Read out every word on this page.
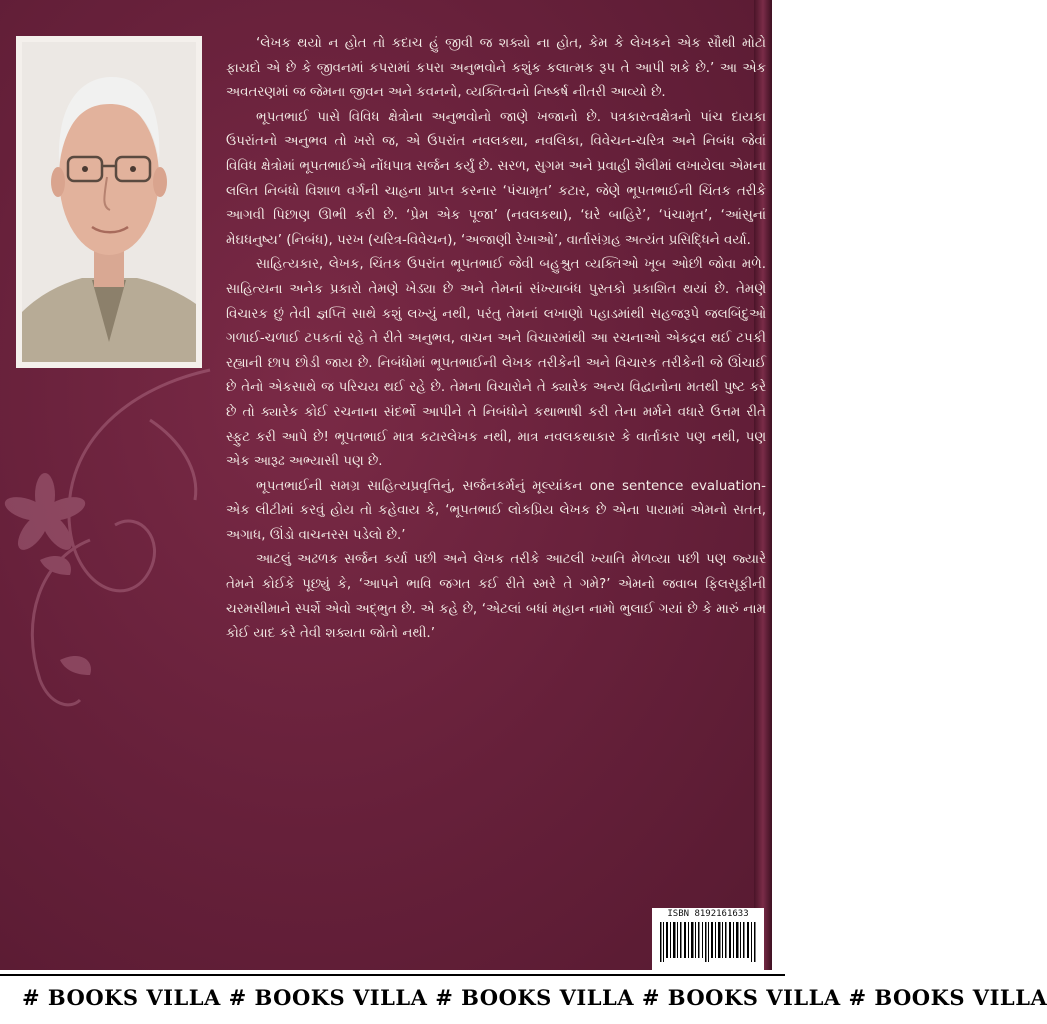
‘લેખક થયો ન હોત તો કદાચ હું જીવી જ શક્યો ના હોત, કેમ કે લેખકને એક સૌથી મોટો ફાયદો એ છે કે જીવનમાં કપરામાં કપરા અનુભવોને કશુંક કલાત્મક રૂપ તે આપી શકે છે.’ આ એક અવતરણમાં જ જેમના જીવન અને કવનનો, વ્યક્તિત્વનો નિષ્કર્ષ નીતરી આવ્યો છે.

ભૂપતભાઈ પાસે વિવિધ ક્ષેત્રોના અનુભવોનો જાણે ખજાનો છે. પત્રકારત્વક્ષેત્રનો પાંચ દાયકા ઉપરાંતનો અનુભવ તો ખરો જ, એ ઉપરાંત નવલકથા, નવલિકા, વિવેચન-ચરિત્ર અને નિબંધ જેવાં વિવિધ ક્ષેત્રોમાં ભૂપતભાઈએ નોંધપાત્ર સર્જન કર્યું છે. સરળ, સુગમ અને પ્રવાહી શૈલીમાં લખાયેલા એમના લલિત નિબંધો વિશાળ વર્ગની ચાહના પ્રાપ્ત કરનાર ‘પંચામૃત’ કટાર, જેણે ભૂપતભાઈની ચિંતક તરીકે આગવી પિછાણ ઊભી કરી છે. ‘પ્રેમ એક પૂજા’ (નવલકથા), ‘ઘરે બાહિરે’, ‘પંચામૃત’, ‘આંસુનાં મેઘધનુષ્ય’ (નિબંધ), પરખ (ચરિત્ર-વિવેચન), ‘અજાણી રેખાઓ’, વાર્તાસંગ્રહ અત્યંત પ્રસિદ્ધિને વર્યા.

સાહિત્યકાર, લેખક, ચિંતક ઉપરાંત ભૂપતભાઈ જેવી બહુશ્રુત વ્યક્તિઓ ખૂબ ઓછી જોવા મળે. સાહિત્યના અનેક પ્રકારો તેમણે ખેડ્યા છે અને તેમનાં સંખ્યાબંધ પુસ્તકો પ્રકાશિત થયાં છે. તેમણે વિચારક છું તેવી જ્ઞપ્તિ સાથે કશું લખ્યું નથી, પરંતુ તેમનાં લખાણો પહાડમાંથી સહજરૂપે જલબિંદુઓ ગળાઈ-ચળાઈ ટપકતાં રહે તે રીતે અનુભવ, વાચન અને વિચારમાંથી આ રચનાઓ એકદ્રવ થઈ ટપકી રહ્યાની છાપ છોડી જાય છે. નિબંધોમાં ભૂપતભાઈની લેખક તરીકેની અને વિચારક તરીકેની જે ઊંચાઈ છે તેનો એકસાથે જ પરિચય થઈ રહે છે. તેમના વિચારોને તે ક્યારેક અન્ય વિદ્વાનોના મતથી પુષ્ટ કરે છે તો ક્યારેક કોઈ રચનાના સંદર્ભો આપીને તે નિબંધોને કથાભાષી કરી તેના મર્મને વધારે ઉત્તમ રીતે સ્ફુટ કરી આપે છે! ભૂપતભાઈ માત્ર કટારલેખક નથી, માત્ર નવલકથાકાર કે વાર્તાકાર પણ નથી, પણ એક આરૂઢ અભ્યાસી પણ છે.

ભૂપતભાઈની સમગ્ર સાહિત્યપ્રવૃત્તિનું, સર્જનકર્મનું મૂલ્યાંકન one sentence evaluation- એક લીટીમાં કરવું હોય તો કહેવાય કે, ‘ભૂપતભાઈ લોકપ્રિય લેખક છે એના પાયામાં એમનો સતત, અગાધ, ઊંડો વાચનરસ પડેલો છે.’

આટલું અઢળક સર્જન કર્યા પછી અને લેખક તરીકે આટલી ખ્યાતિ મેળવ્યા પછી પણ જ્યારે તેમને કોઈકે પૂછ્યું કે, ‘આપને ભાવિ જગત કઈ રીતે સ્મરે તે ગમે?’ એમનો જવાબ ફિલસૂફીની ચરમસીમાને સ્પર્શે એવો અદ્ભુત છે. એ કહે છે, ‘એટલાં બધાં મહાન નામો ભુલાઈ ગયાં છે કે મારું નામ કોઈ યાદ કરે તેવી શક્યતા જોતો નથી.’

ISBN 8192161633
# BOOKS VILLA # BOOKS VILLA # BOOKS VILLA # BOOKS VILLA # BOOKS VILLA
